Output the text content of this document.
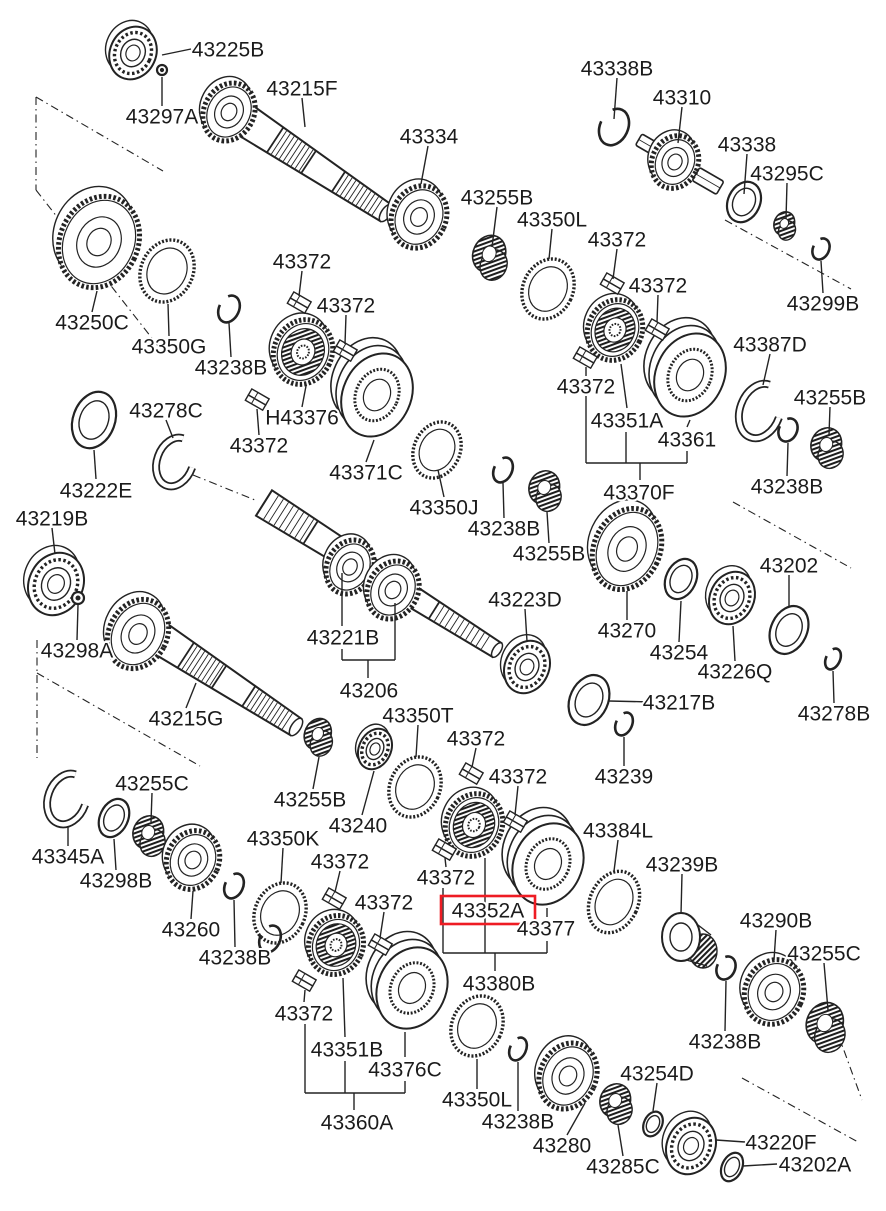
43225B
43297A
43215F
43334
43338B
43310
43338
43295C
43299B
43255B
43350L
43372
43372
43372
43372
43250C
43350G
43238B
43278C	H43376
43372
43371C
43222E
43219B	43350J
43238B
43255B
43372
43351A
43361
43370F
43387D
43255B
43238B
43202
43223D
43270
43254
43226Q
43217B	43278B
43239
43221B
43206
43298A
43215G	43350T
43372
43372
43255C
43345A
43298B
43260
43238B
43350K
43255B
43240
43372
43372
43372
43352A
43377
43384L
43239B
43290B
43255C
43238B
43254D
43380B
43351B
43376C
43360A
43372
43350L
43238B
43280
43285C
43220F
43202A
